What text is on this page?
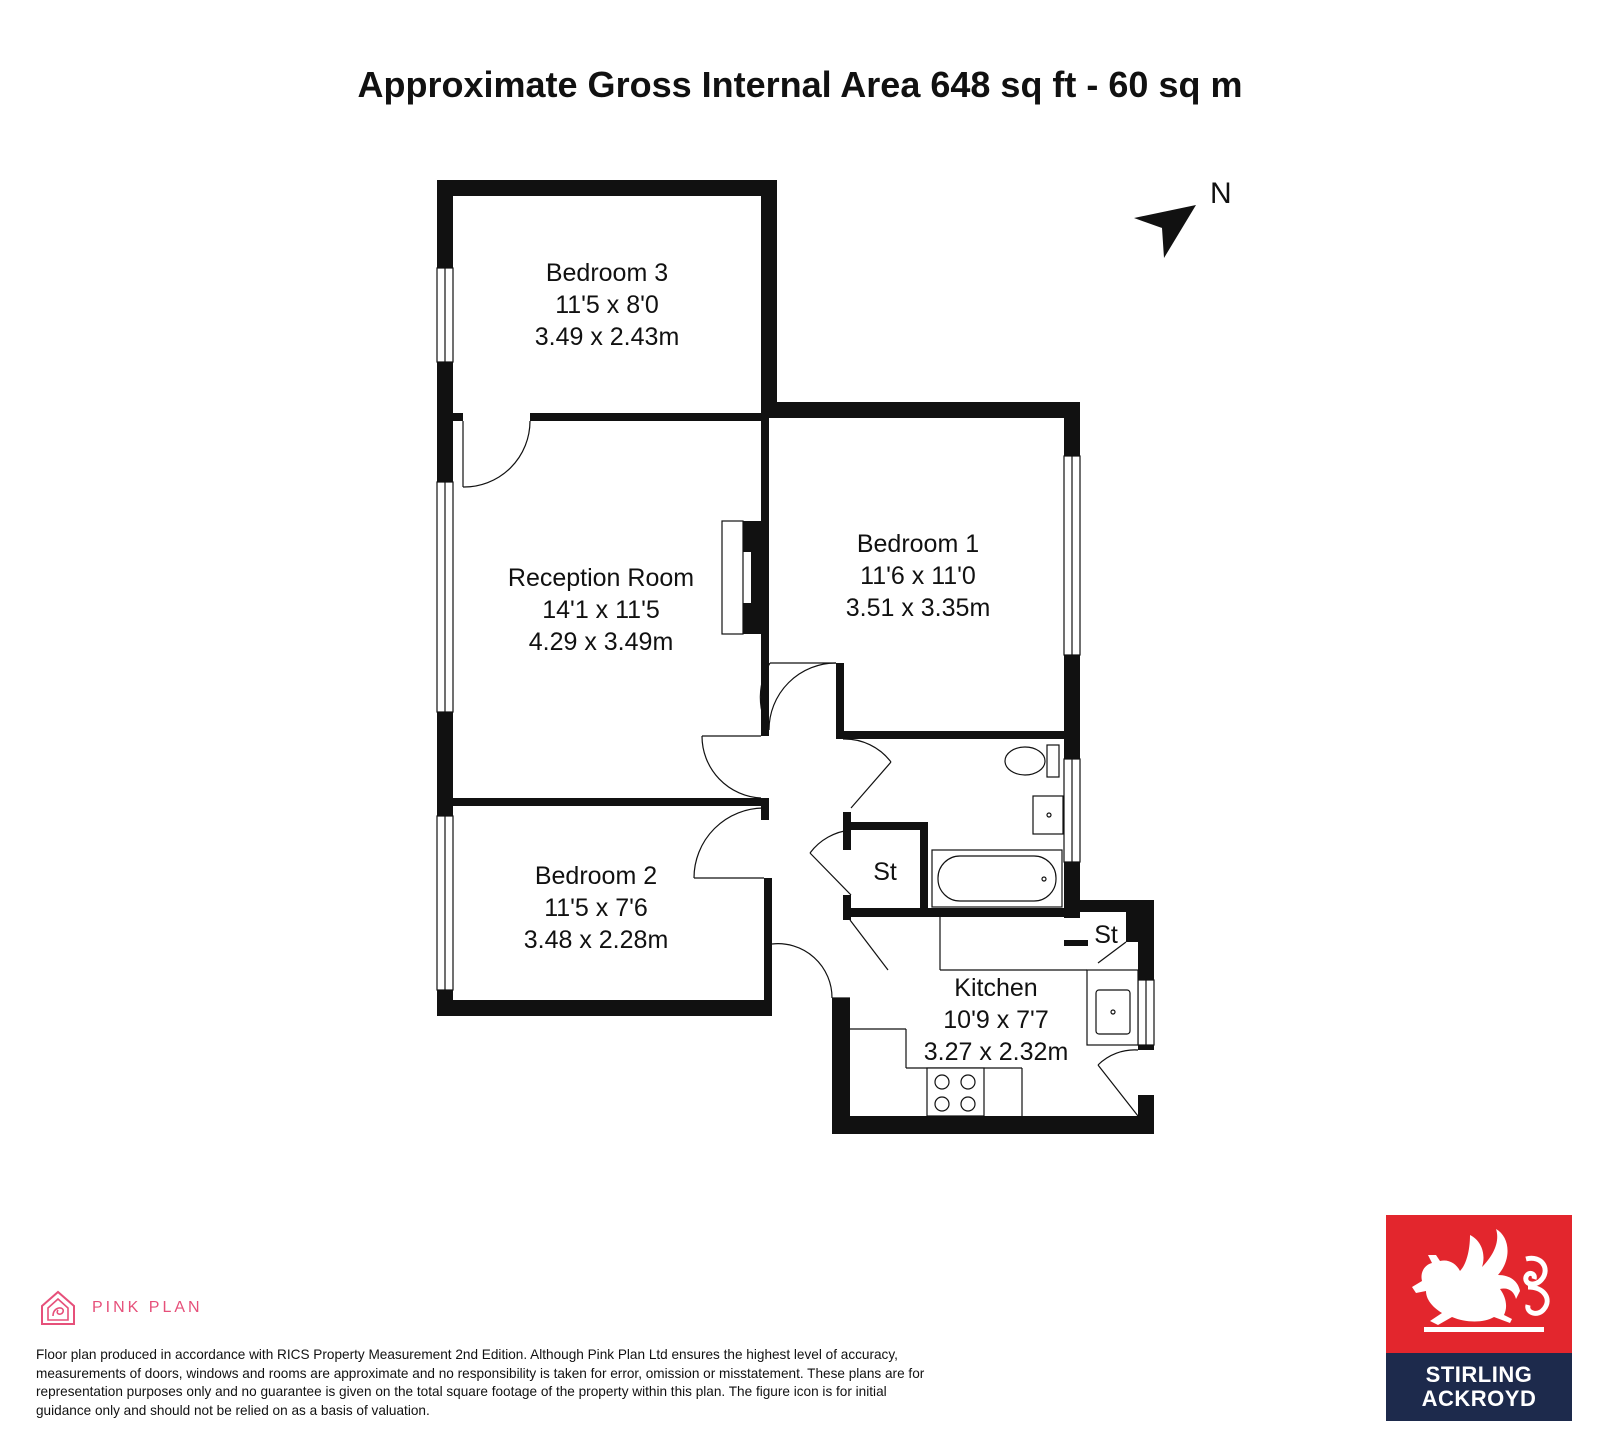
Approximate Gross Internal Area 648 sq ft - 60 sq m
N
Bedroom 3
11'5 x 8'0
3.49 x 2.43m
Reception Room
14'1 x 11'5
4.29 x 3.49m
Bedroom 1
11'6 x 11'0
3.51 x 3.35m
Bedroom 2
11'5 x 7'6
3.48 x 2.28m
Kitchen
10'9 x 7'7
3.27 x 2.32m
St
St
PINK PLAN
Floor plan produced in accordance with RICS Property Measurement 2nd Edition. Although Pink Plan Ltd ensures the highest level of accuracy, measurements of doors, windows and rooms are approximate and no responsibility is taken for error, omission or misstatement. These plans are for representation purposes only and no guarantee is given on the total square footage of the property within this plan. The figure icon is for initial guidance only and should not be relied on as a basis of valuation.
STIRLING
ACKROYD
